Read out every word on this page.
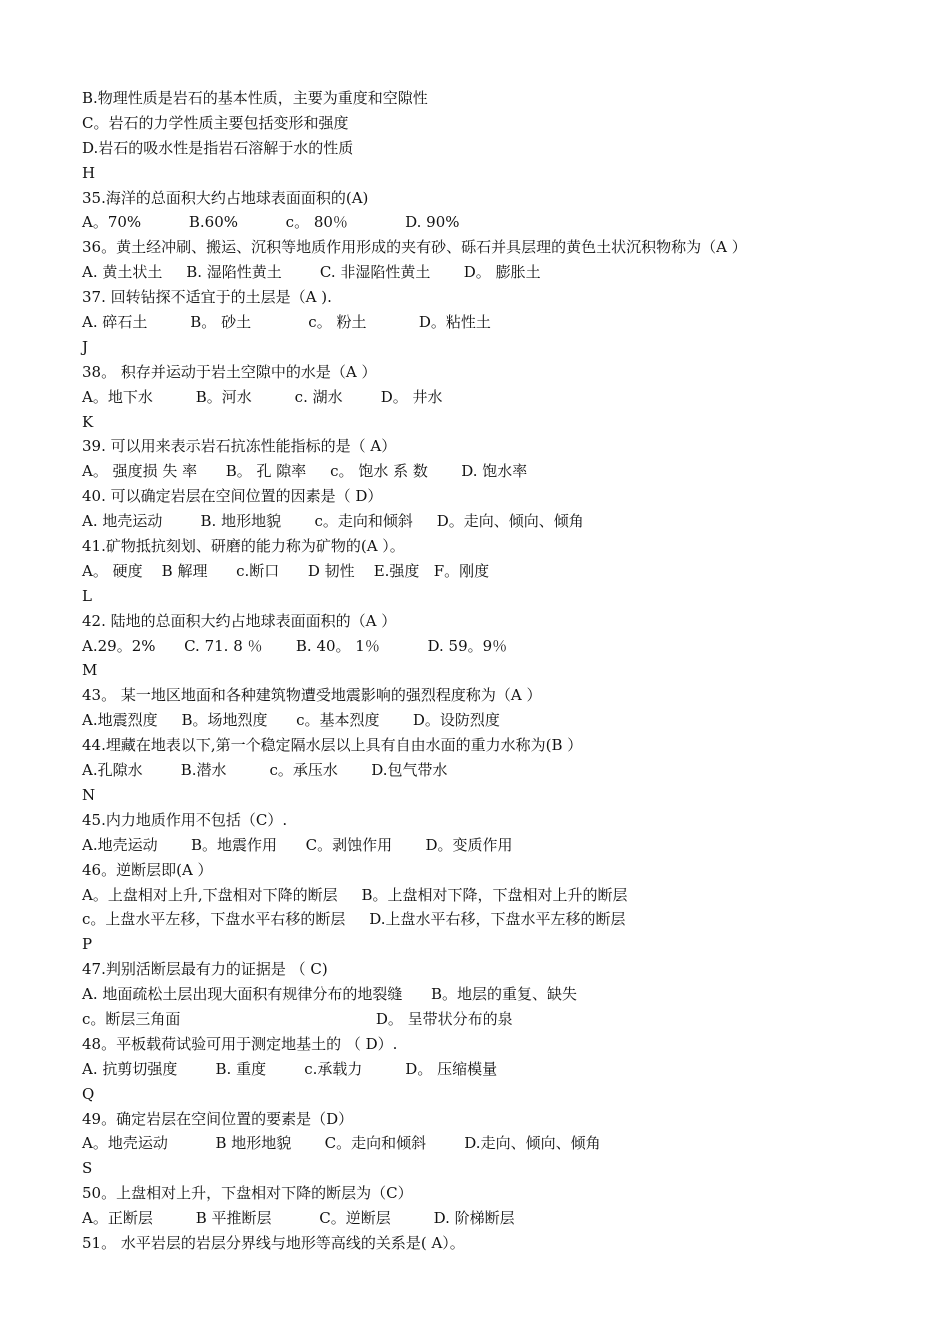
B.物理性质是岩石的基本性质，主要为重度和空隙性
C。岩石的力学性质主要包括变形和强度
D.岩石的吸水性是指岩石溶解于水的性质
H
35.海洋的总面积大约占地球表面面积的(A)
A。70%          B.60%          c。 80％            D. 90%
36。黄土经冲刷、搬运、沉积等地质作用形成的夹有砂、砾石并具层理的黄色土状沉积物称为（A ）
A. 黄土状土     B. 湿陷性黄土        C. 非湿陷性黄土       D。 膨胀土
37. 回转钻探不适宜于的土层是（A ).
A. 碎石土         B。 砂土            c。 粉土           D。粘性土
J
38。 积存并运动于岩土空隙中的水是（A ）
A。地下水         B。河水         c. 湖水        D。 井水
K
39. 可以用来表示岩石抗冻性能指标的是（ A）
A。 强度损 失 率      B。 孔 隙率     c。 饱水 系 数       D. 饱水率
40. 可以确定岩层在空间位置的因素是（ D）
A. 地壳运动        B. 地形地貌       c。走向和倾斜     D。走向、倾向、倾角
41.矿物抵抗刻划、研磨的能力称为矿物的(A ）。
A。 硬度    B 解理      c.断口      D 韧性    E.强度   F。刚度
L
42. 陆地的总面积大约占地球表面面积的（A ）
A.29。2%      C. 71. 8 ％       B. 40。 1％          D. 59。9％
M
43。 某一地区地面和各种建筑物遭受地震影响的强烈程度称为（A ）
A.地震烈度     B。场地烈度      c。基本烈度       D。设防烈度
44.埋藏在地表以下,第一个稳定隔水层以上具有自由水面的重力水称为(B ）
A.孔隙水        B.潜水         c。承压水       D.包气带水
N
45.内力地质作用不包括（C）.
A.地壳运动       B。地震作用      C。剥蚀作用       D。变质作用
46。逆断层即(A ）
A。上盘相对上升,下盘相对下降的断层     B。上盘相对下降，下盘相对上升的断层
c。上盘水平左移，下盘水平右移的断层     D.上盘水平右移，下盘水平左移的断层
P
47.判别活断层最有力的证据是 （ C)
A. 地面疏松土层出现大面积有规律分布的地裂缝      B。地层的重复、缺失
c。断层三角面                                         D。 呈带状分布的泉
48。平板载荷试验可用于测定地基土的 （ D）.
A. 抗剪切强度        B. 重度        c.承载力         D。 压缩模量
Q
49。确定岩层在空间位置的要素是（D）
A。地壳运动          B 地形地貌       C。走向和倾斜        D.走向、倾向、倾角
S
50。上盘相对上升，下盘相对下降的断层为（C）
A。正断层         B 平推断层          C。逆断层         D. 阶梯断层
51。 水平岩层的岩层分界线与地形等高线的关系是( A）。
